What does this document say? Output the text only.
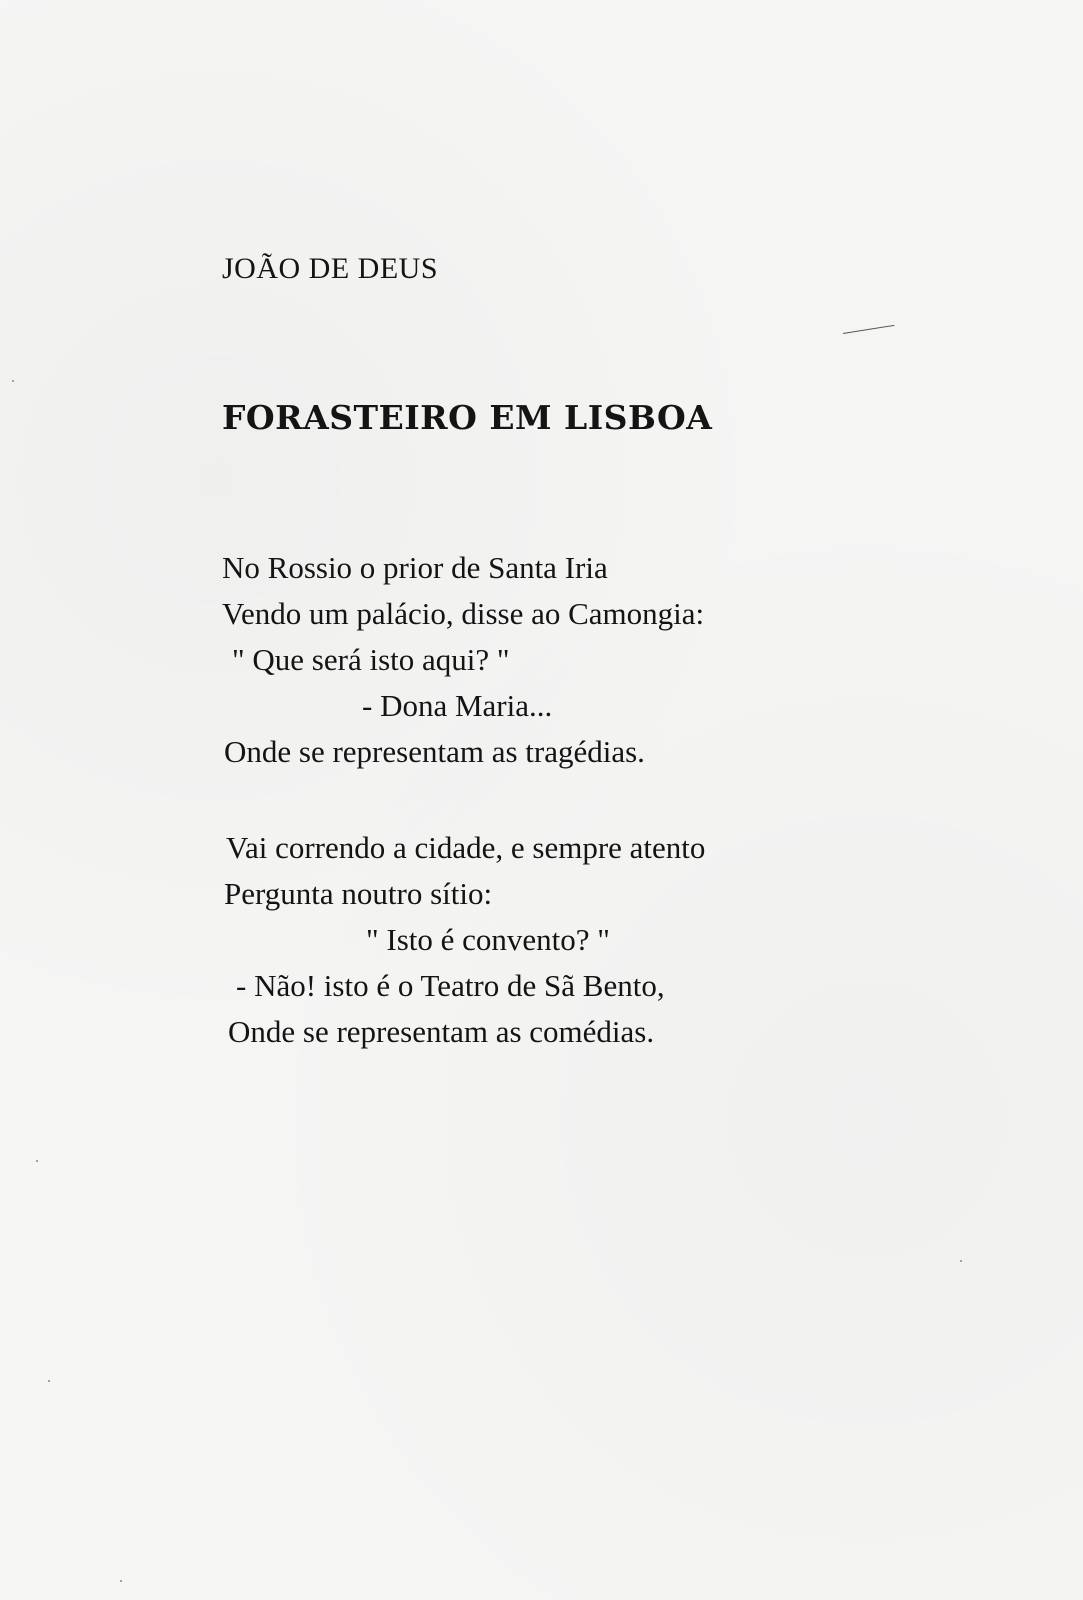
JOÃO DE DEUS
FORASTEIRO EM LISBOA
No Rossio o prior de Santa Iria
Vendo um palácio, disse ao Camongia:
" Que será isto aqui? "
- Dona Maria...
Onde se representam as tragédias.
Vai correndo a cidade, e sempre atento
Pergunta noutro sítio:
" Isto é convento? "
- Não! isto é o Teatro de Sã Bento,
Onde se representam as comédias.
